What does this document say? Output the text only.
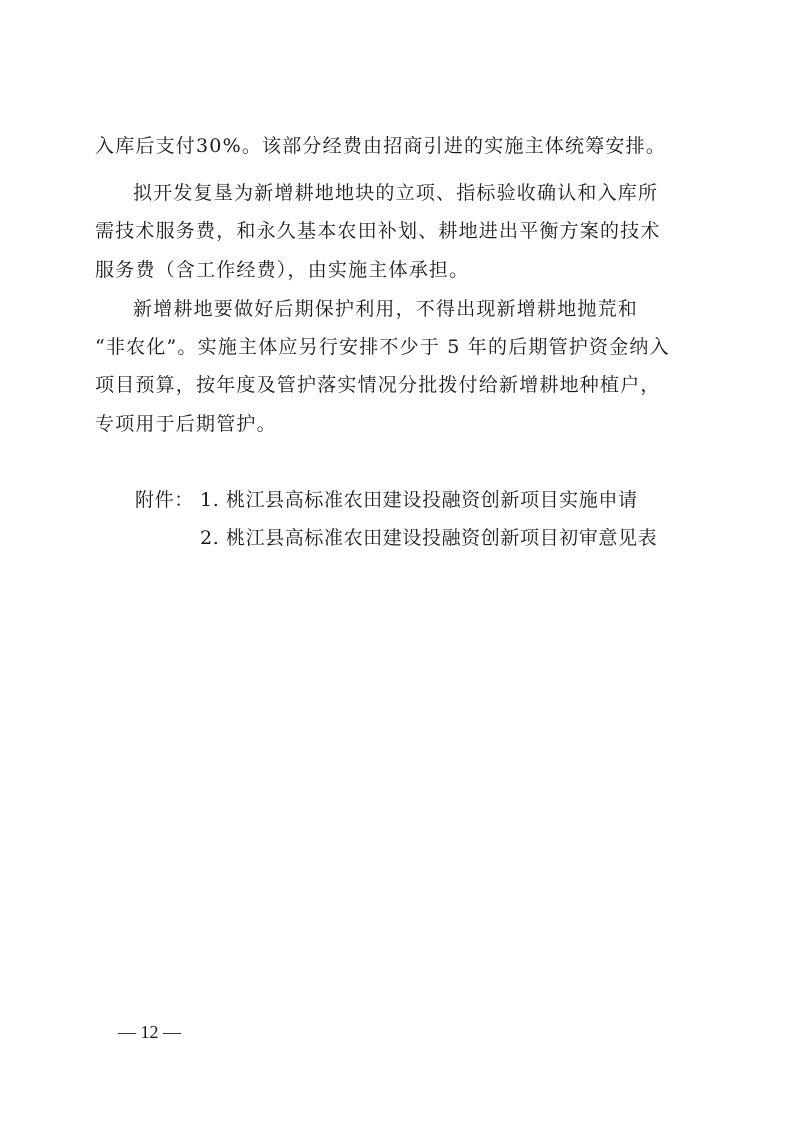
入库后支付30%。该部分经费由招商引进的实施主体统筹安排。
拟开发复垦为新增耕地地块的立项、指标验收确认和入库所
需技术服务费，和永久基本农田补划、耕地进出平衡方案的技术
服务费（含工作经费），由实施主体承担。
新增耕地要做好后期保护利用，不得出现新增耕地抛荒和
“非农化”。实施主体应另行安排不少于 5 年的后期管护资金纳入
项目预算，按年度及管护落实情况分批拨付给新增耕地种植户，
专项用于后期管护。
附件： 1. 桃江县高标准农田建设投融资创新项目实施申请
2. 桃江县高标准农田建设投融资创新项目初审意见表
— 12 —
